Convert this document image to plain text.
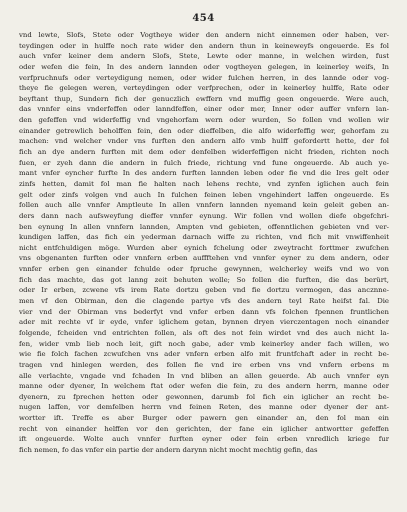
454
vnd lewte, Slofs, Stete oder Vogtheye wider den andern nicht einnemen oder haben, ver-
teydingen oder in hulffe noch rate wider den andern thun in keineweyfs ongeuerde. Es fol
auch vnfer keiner dem andern Slofs, Stete, Lewte oder manne, in welchen wirden, fust
oder wefen die fein, In des andern lannden oder vogtheyen gelegen, in keinerley weifs, In
verfpruchnufs oder verteydigung nemen, oder wider fulchen herren, in des lannde oder vog-
theye fie gelegen weren, verteydingen oder verfprechen, oder in keinerley hulffe, Rate oder
beyftant thup, Sundern fich der genuczlich ewffern vnd muffig geen ongeuerde. Were auch,
das vnnfer eins vnderfeffen oder lanndfeffen, einer oder mer, Inner oder auffer vnfern lan-
den gefeffen vnd widerfeffig vnd vngehorfam wern oder wurden, So follen vnd wollen wir
einander getrewlich beholffen fein, den oder dieffelben, die alfo widerfeffig wer, gehorfam zu
machen: vnd welcher vnder vns furften den andern alfo vmb hulff gefordertt hette, der fol
fich an dye andern furften mit dem oder denfelben widerfeffigen nicht frieden, richten noch
fuen, er zyeh dann die andern in fulch friede, richtung vnd fune ongeuerde. Ab auch ye-
mant vnfer eyncher furfte In des andern furften lannden leben oder fie vnd die Ires gelt oder
zinfs hetten, damit fol man fie halten nach lehens rechte, vnd zynfen iglichen auch fein
gelt oder zinfs volgen vnd auch In fulchen feinen leben vngehindert laffen ongeuerde. Es
follen auch alle vnnfer Amptleute In allen vnnfern lannden nyemand kein geleit geben an-
ders dann nach aufsweyfung dieffer vnnfer eynung. Wir follen vnd wollen diefe obgefchri-
ben eynung In allen vnnfern lannden, Ampten vnd gebieten, offenntlichen gebieten vnd ver-
kundigen laffen, das fich ein yederman darnach wiffe zu richten, vnd fich mit vnwiffenheit
nicht entfchuldigen möge. Wurden aber eynich fchelung oder zweytracht forttmer zwufchen
vns obgenanten furften oder vnnfern erben auffftehen vnd vnnfer eyner zu dem andern, oder
vnnfer erben gen einander fchulde oder fpruche gewynnen, welcherley weifs vnd wo von
fich das machte, das got lanng zeit behuten wolle; So follen die furften, die das berürt,
oder Ir erben, zcwene vfs irem Rate dortzu geben vnd fie dortzu vermogen, das ancznne-
men vf den Obirman, den die clagende partye vfs des andern teyl Rate heifst fal. Die
vier vnd der Obirman vns bederfyt vnd vnfer erben dann vfs folchen fpennen fruntlichen
ader mit rechte vf ir eyde, vnfer iglichem getan, bynnen dryen vierczentagen noch einander
folgende, fcheiden vnd entrichten follen, als oft des not fein wirdet vnd des auch nicht la-
fen, wider vmb lieb noch leit, gift noch gabe, ader vmb keinerley ander fach willen, wo
wie fie folch fachen zcwufchen vns ader vnfern erben alfo mit fruntfchaft ader in recht be-
tragen vnd hinlegen werden, des follen fie vnd ire erben vns vnd vnfern erbens m
alle verlachte, vngade vnd fchaden In vnd bliben an allen geuerde. Ab auch vnnfer eyn
manne oder dyener, In welchem ftat oder wefen die fein, zu des andern herrn, manne oder
dyenern, zu fprechen hetten oder gewonnen, darumb fol fich ein iglicher an recht be-
nugen laffen, vor demfelben herrn vnd feinen Reten, des manne oder dyener der ant-
wortter ift. Treffe es aber Burger oder pawern gen einander an, den fol man ein
recht von einander helffen vor den gerichten, der fane ein iglicher antwortter gefeffen
ift ongeuerde. Wolte auch vnnfer furften eyner oder fein erben vnredlich kriege fur
fich nemen, fo das vnfer ein partie der andern darynn nicht mocht mechtig gefin, das
